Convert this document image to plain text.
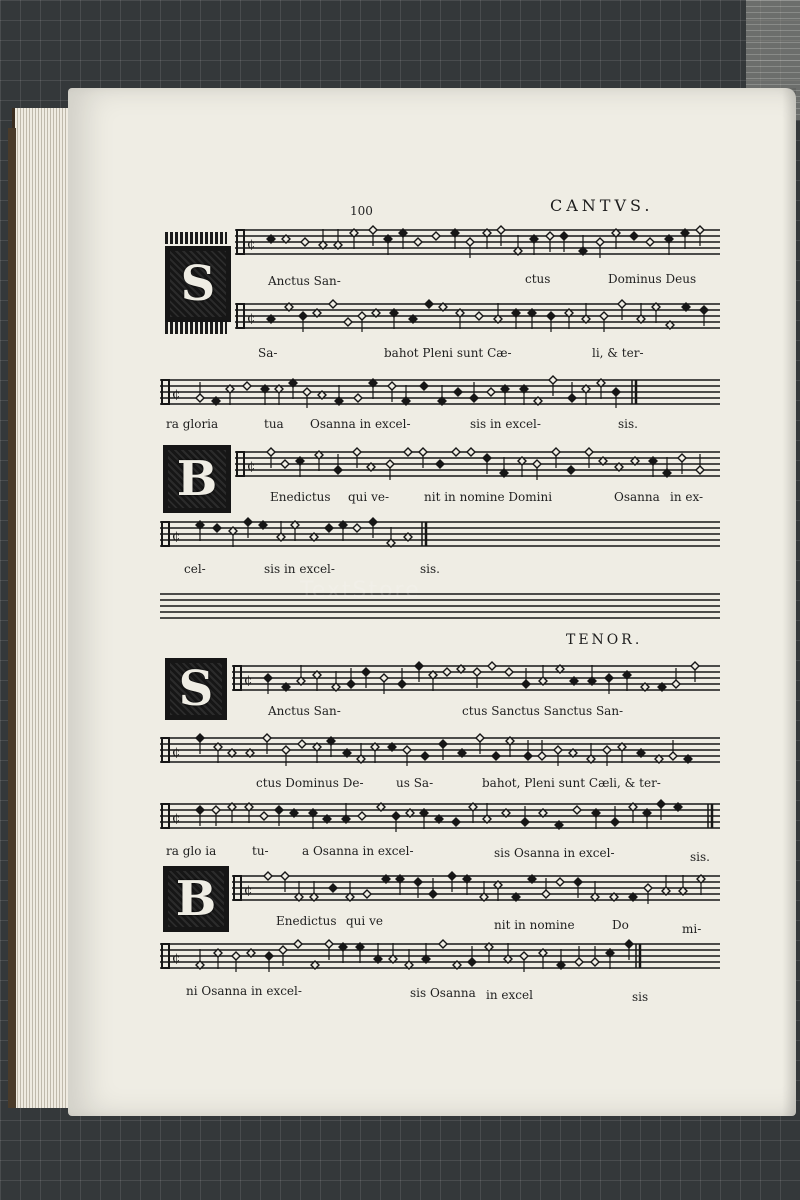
100	CANTVS.
TENOR.
S
B
S
B
¢
¢
¢
¢
¢
¢
¢
¢
¢
¢
Anctus San-	ctus	Dominus Deus
Sa-	bahot Pleni sunt Cæ-	li, & ter-
ra gloria	tua Osanna in excel-	sis in excel-	sis.
Enedictus qui ve-	nit in nomine Domini	Osanna in ex-
cel-	sis in excel-	sis.
TextStore
Anctus San-	ctus Sanctus Sanctus San-
ctus Dominus De-	us Sa-	bahot, Pleni sunt Cæli, & ter-
ra glo ia	tu-	a Osanna in excel-	sis Osanna in excel-	sis.
Enedictus qui ve	nit in nomine	Do	mi-
ni Osanna in excel-	sis Osanna in excel	sis
